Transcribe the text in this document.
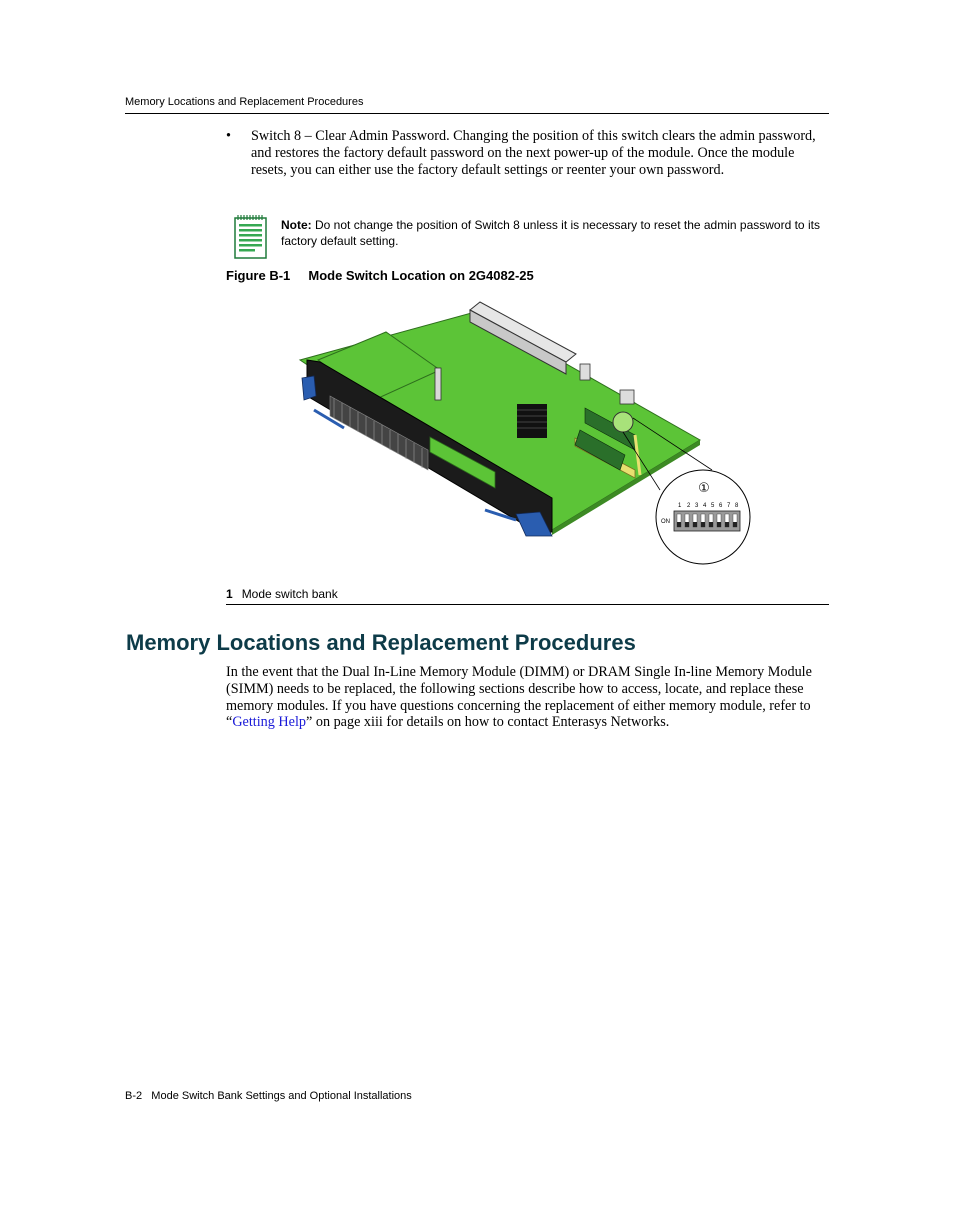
Memory Locations and Replacement Procedures
• Switch 8 – Clear Admin Password. Changing the position of this switch clears the admin password, and restores the factory default password on the next power-up of the module. Once the module resets, you can either use the factory default settings or reenter your own password.
Note: Do not change the position of Switch 8 unless it is necessary to reset the admin password to its factory default setting.
Figure B-1 Mode Switch Location on 2G4082-25
①
1 2 3 4 5 6 7 8
ON
1 Mode switch bank
Memory Locations and Replacement Procedures
In the event that the Dual In-Line Memory Module (DIMM) or DRAM Single In-line Memory Module (SIMM) needs to be replaced, the following sections describe how to access, locate, and replace these memory modules. If you have questions concerning the replacement of either memory module, refer to “Getting Help” on page xiii for details on how to contact Enterasys Networks.
B-2 Mode Switch Bank Settings and Optional Installations
